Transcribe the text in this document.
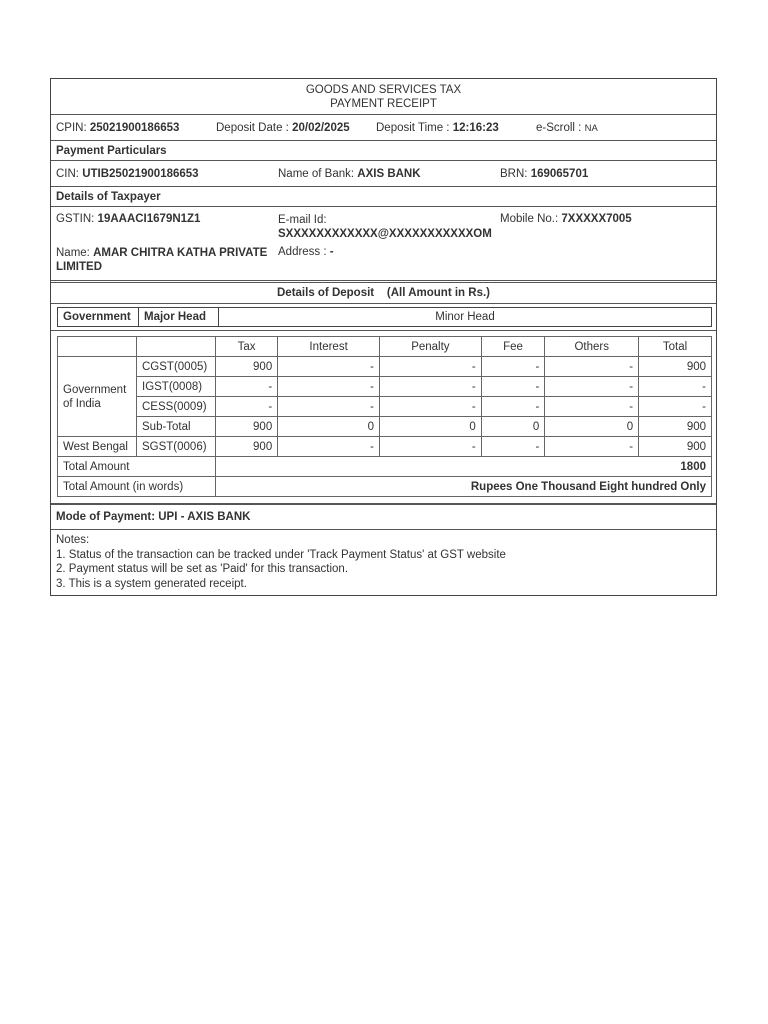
GOODS AND SERVICES TAX
PAYMENT RECEIPT
CPIN: 25021900186653	Deposit Date : 20/02/2025 Deposit Time : 12:16:23	e-Scroll : NA
Payment Particulars
CIN: UTIB25021900186653	Name of Bank: AXIS BANK	BRN: 169065701
Details of Taxpayer
GSTIN: 19AAACI1679N1Z1	E-mail Id:
SXXXXXXXXXXXX@XXXXXXXXXXXOM
Mobile No.: 7XXXXX7005
Name: AMAR CHITRA KATHA PRIVATE
LIMITED
Address : -
Details of Deposit (All Amount in Rs.)
Government	Major Head	Minor Head
		Tax	Interest	Penalty	Fee	Others	Total
Government of India	CGST(0005)	900	-	-	-	-	900
	IGST(0008)	-	-	-	-	-	-
	CESS(0009)	-	-	-	-	-	-
	Sub-Total	900	0	0	0	0	900
West Bengal	SGST(0006)	900	-	-	-	-	900
Total Amount		1800					
Total Amount (in words)		Rupees One Thousand Eight hundred Only					
Mode of Payment:
UPI - AXIS BANK
Notes:
1. Status of the transaction can be tracked under 'Track Payment Status' at GST website
2. Payment status will be set as 'Paid' for this transaction.
3. This is a system generated receipt.
